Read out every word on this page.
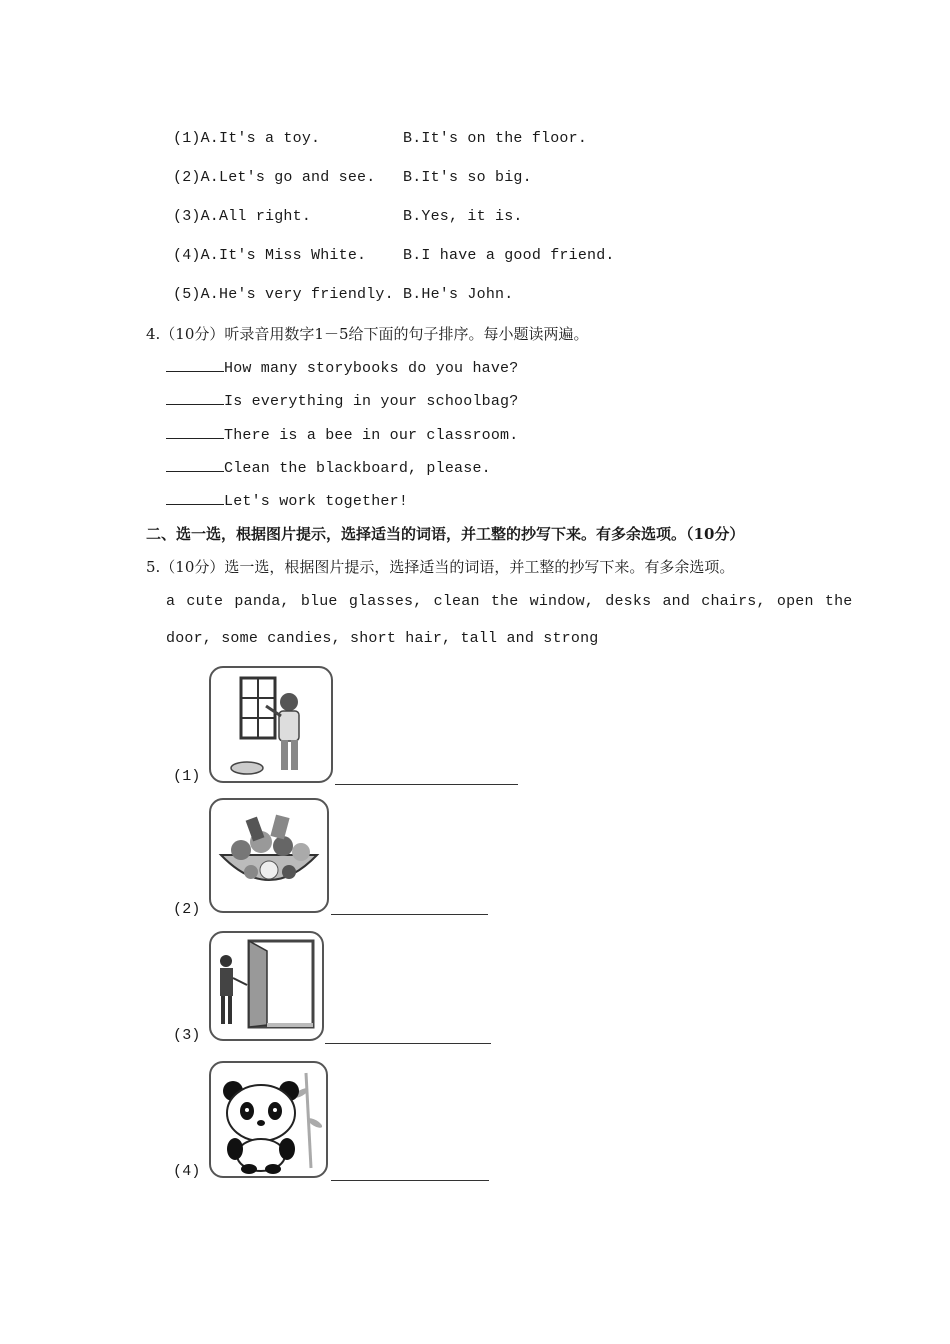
(1)A.It's a toy.	B.It's on the floor.
(2)A.Let's go and see. B.It's so big.
(3)A.All right.	B.Yes, it is.
(4)A.It's Miss White. B.I have a good friend.
(5)A.He's very friendly. B.He's John.
4.（10分）听录音用数字1－5给下面的句子排序。每小题读两遍。
How many storybooks do you have?
Is everything in your schoolbag?
There is a bee in our classroom.
Clean the blackboard, please.
Let's work together!
二、选一选，根据图片提示，选择适当的词语，并工整的抄写下来。有多余选项。（10分）
5.（10分）选一选，根据图片提示，选择适当的词语，并工整的抄写下来。有多余选项。
a cute panda, blue glasses, clean the window, desks and chairs, open the
door, some candies, short hair, tall and strong
(1)
(2)
(3)
(4)
